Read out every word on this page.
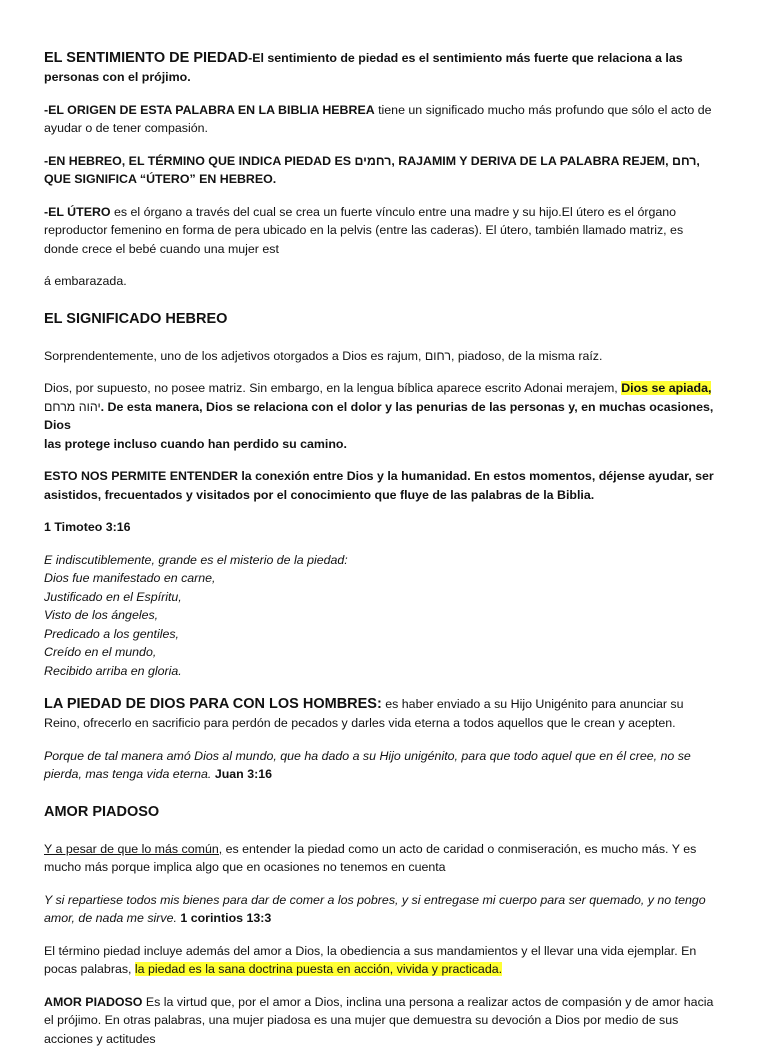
EL SENTIMIENTO DE PIEDAD-El sentimiento de piedad es el sentimiento más fuerte que relaciona a las
personas con el prójimo.

-EL ORIGEN DE ESTA PALABRA EN LA BIBLIA HEBREA tiene un significado mucho más profundo que sólo el acto de
ayudar o de tener compasión.

-EN HEBREO, EL TÉRMINO QUE INDICA PIEDAD ES רחמים, RAJAMIM Y DERIVA DE LA PALABRA REJEM, רחם,
QUE SIGNIFICA “ÚTERO” EN HEBREO.

-EL ÚTERO es el órgano a través del cual se crea un fuerte vínculo entre una madre y su hijo.El útero es el órgano
reproductor femenino en forma de pera ubicado en la pelvis (entre las caderas). El útero, también llamado matriz, es
donde crece el bebé cuando una mujer est

á embarazada.

EL SIGNIFICADO HEBREO

Sorprendentemente, uno de los adjetivos otorgados a Dios es rajum, רחום, piadoso, de la misma raíz.

Dios, por supuesto, no posee matriz. Sin embargo, en la lengua bíblica aparece escrito Adonai merajem, Dios se apiada,
יהוה מרחם. De esta manera, Dios se relaciona con el dolor y las penurias de las personas y, en muchas ocasiones, Dios
las protege incluso cuando han perdido su camino.

ESTO NOS PERMITE ENTENDER la conexión entre Dios y la humanidad. En estos momentos, déjense ayudar, ser
asistidos, frecuentados y visitados por el conocimiento que fluye de las palabras de la Biblia.

1 Timoteo 3:16

E indiscutiblemente, grande es el misterio de la piedad:

Dios fue manifestado en carne,

Justificado en el Espíritu,

Visto de los ángeles,

Predicado a los gentiles,

Creído en el mundo,

Recibido arriba en gloria.

LA PIEDAD DE DIOS PARA CON LOS HOMBRES: es haber enviado a su Hijo Unigénito para anunciar su
Reino, ofrecerlo en sacrificio para perdón de pecados y darles vida eterna a todos aquellos que le crean y acepten.

Porque de tal manera amó Dios al mundo, que ha dado a su Hijo unigénito, para que todo aquel que en él cree, no se
pierda, mas tenga vida eterna. Juan 3:16

AMOR PIADOSO

Y a pesar de que lo más común, es entender la piedad como un acto de caridad o conmiseración, es mucho más. Y es
mucho más porque implica algo que en ocasiones no tenemos en cuenta

Y si repartiese todos mis bienes para dar de comer a los pobres, y si entregase mi cuerpo para ser quemado, y no tengo
amor, de nada me sirve. 1 corintios 13:3

El término piedad incluye además del amor a Dios, la obediencia a sus mandamientos y el llevar una vida ejemplar. En
pocas palabras, la piedad es la sana doctrina puesta en acción, vivida y practicada.

AMOR PIADOSO Es la virtud que, por el amor a Dios, inclina una persona a realizar actos de compasión y de amor hacia
el prójimo. En otras palabras, una mujer piadosa es una mujer que demuestra su devoción a Dios por medio de sus
acciones y actitudes
